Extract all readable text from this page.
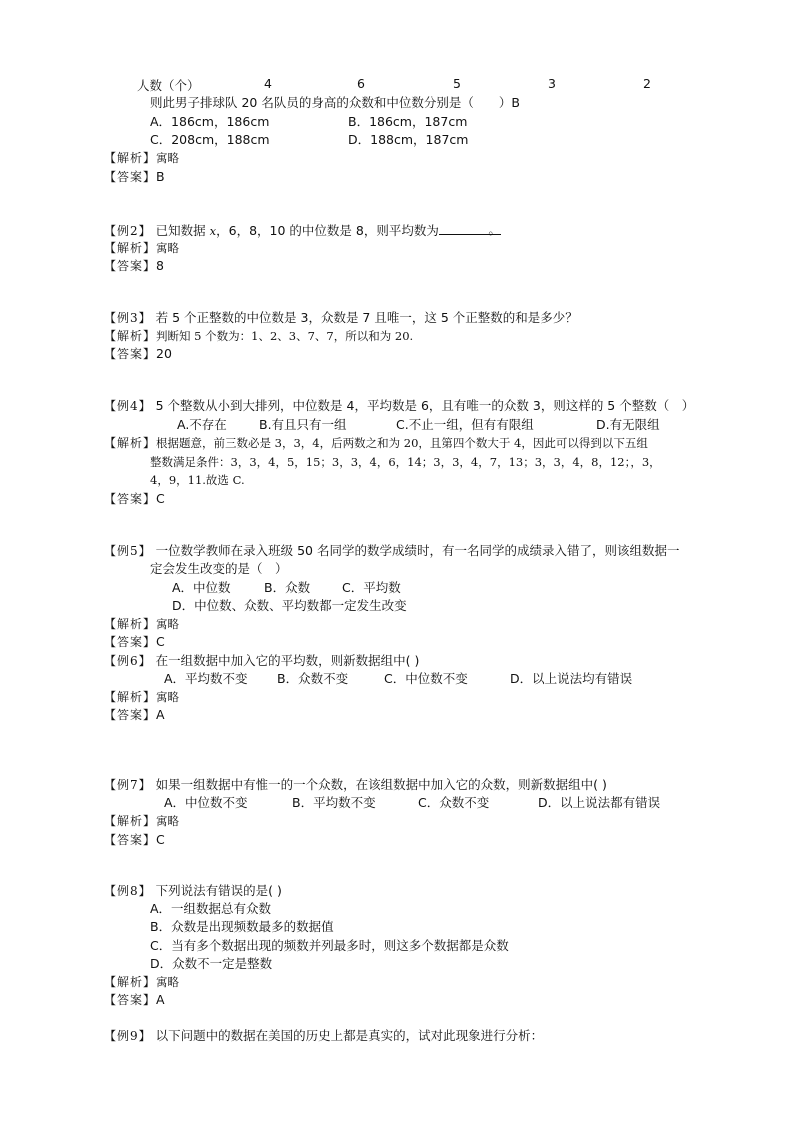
人数（个）	4	6	5	3	2
则此男子排球队 20 名队员的身高的众数和中位数分别是（　　）B
A．186cm，186cm	B．186cm，187cm
C．208cm，188cm	D．188cm，187cm
【解析】寓略
【答案】B
【例2】 已知数据 x，6，8，10 的中位数是 8，则平均数为	。
【解析】寓略
【答案】8
【例3】 若 5 个正整数的中位数是 3，众数是 7 且唯一，这 5 个正整数的和是多少？
【解析】判断知 5 个数为：1、2、3、7、7，所以和为 20.
【答案】20
【例4】 5 个整数从小到大排列，中位数是 4，平均数是 6，且有唯一的众数 3，则这样的 5 个整数（　）
A.不存在	B.有且只有一组	C.不止一组，但有有限组	D.有无限组
【解析】根据题意，前三数必是 3，3，4，后两数之和为 20，且第四个数大于 4，因此可以得到以下五组
整数满足条件：3，3，4，5，15；3，3，4，6，14；3，3，4，7，13；3，3，4，8，12；，3，
4，9，11.故选 C.
【答案】C
【例5】 一位数学教师在录入班级 50 名同学的数学成绩时，有一名同学的成绩录入错了，则该组数据一
定会发生改变的是（　）
A．中位数	B．众数	C．平均数
D．中位数、众数、平均数都一定发生改变
【解析】寓略
【答案】C
【例6】 在一组数据中加入它的平均数，则新数据组中( )
A．平均数不变 B．众数不变	C．中位数不变	D．以上说法均有错误
【解析】寓略
【答案】A
【例7】 如果一组数据中有惟一的一个众数，在该组数据中加入它的众数，则新数据组中( )
A．中位数不变	B．平均数不变	C．众数不变	D．以上说法都有错误
【解析】寓略
【答案】C
【例8】 下列说法有错误的是( )
A．一组数据总有众数
B．众数是出现频数最多的数据值
C．当有多个数据出现的频数并列最多时，则这多个数据都是众数
D．众数不一定是整数
【解析】寓略
【答案】A
【例9】 以下问题中的数据在美国的历史上都是真实的，试对此现象进行分析：
